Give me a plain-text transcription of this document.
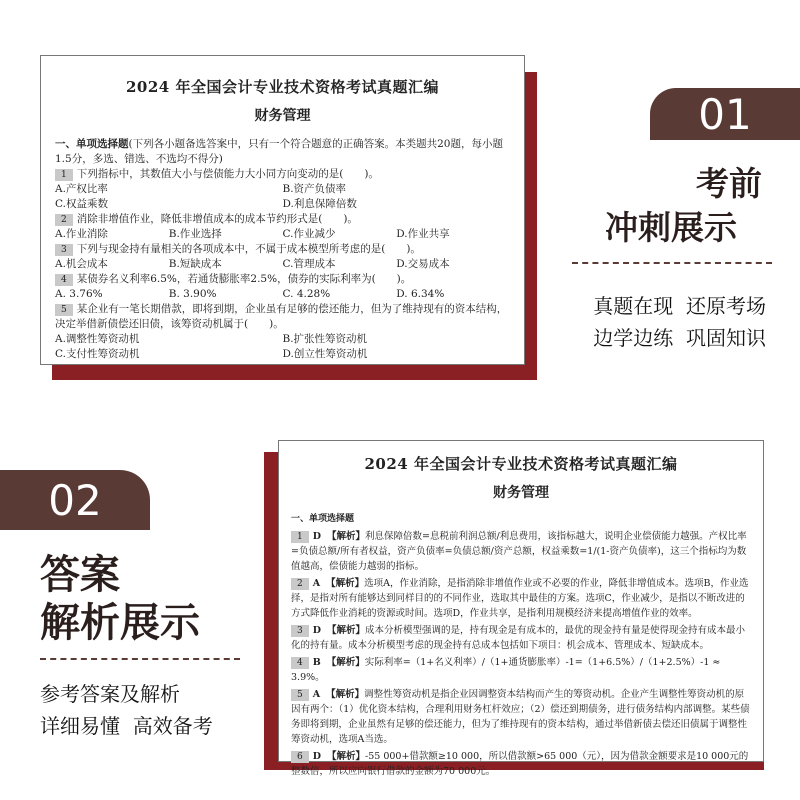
2024 年全国会计专业技术资格考试真题汇编
财务管理
一、单项选择题(下列各小题备选答案中，只有一个符合题意的正确答案。本类题共20题，每小题1.5分，多选、错选、不选均不得分)
1 下列指标中，其数值大小与偿债能力大小同方向变动的是(　　)。
A.产权比率	B.资产负债率
C.权益乘数	D.利息保障倍数
2 消除非增值作业，降低非增值成本的成本节约形式是(　　)。
A.作业消除	B.作业选择	C.作业减少	D.作业共享
3 下列与现金持有量相关的各项成本中，不属于成本模型所考虑的是(　　)。
A.机会成本	B.短缺成本	C.管理成本	D.交易成本
4 某债券名义利率6.5%，若通货膨胀率2.5%，债券的实际利率为(　　)。
A. 3.76%	B. 3.90%	C. 4.28%	D. 6.34%
5 某企业有一笔长期借款，即将到期，企业虽有足够的偿还能力，但为了维持现有的资本结构，决定举借新债偿还旧债，该筹资动机属于(　　)。
A.调整性筹资动机	B.扩张性筹资动机
C.支付性筹资动机	D.创立性筹资动机
01
考前
冲刺展示
真题在现  还原考场
边学边练  巩固知识
2024 年全国会计专业技术资格考试真题汇编
财务管理
一、单项选择题
1 D 【解析】利息保障倍数=息税前利润总额/利息费用，该指标越大，说明企业偿债能力越强。产权比率=负债总额/所有者权益，资产负债率=负债总额/资产总额，权益乘数=1/(1-资产负债率)，这三个指标均为数值越高，偿债能力越弱的指标。
2 A 【解析】选项A，作业消除，是指消除非增值作业或不必要的作业，降低非增值成本。选项B，作业选择，是指对所有能够达到同样目的的不同作业，选取其中最佳的方案。选项C，作业减少，是指以不断改进的方式降低作业消耗的资源或时间。选项D，作业共享，是指利用规模经济来提高增值作业的效率。
3 D 【解析】成本分析模型强调的是，持有现金是有成本的，最优的现金持有量是使得现金持有成本最小化的持有量。成本分析模型考虑的现金持有总成本包括如下项目：机会成本、管理成本、短缺成本。
4 B 【解析】实际利率=（1+名义利率）/（1+通货膨胀率）-1=（1+6.5%）/（1+2.5%）-1 ≈ 3.9%。
5 A 【解析】调整性筹资动机是指企业因调整资本结构而产生的筹资动机。企业产生调整性筹资动机的原因有两个：（1）优化资本结构，合理利用财务杠杆效应；（2）偿还到期债务，进行债务结构内部调整。某些债务即将到期，企业虽然有足够的偿还能力，但为了维持现有的资本结构，通过举借新债去偿还旧债属于调整性筹资动机，选项A当选。
6 D 【解析】-55 000+借款额≥10 000，所以借款额>65 000（元），因为借款金额要求是10 000元的整数倍，所以应向银行借款的金额为70 000元。
02
答案
解析展示
参考答案及解析
详细易懂  高效备考
